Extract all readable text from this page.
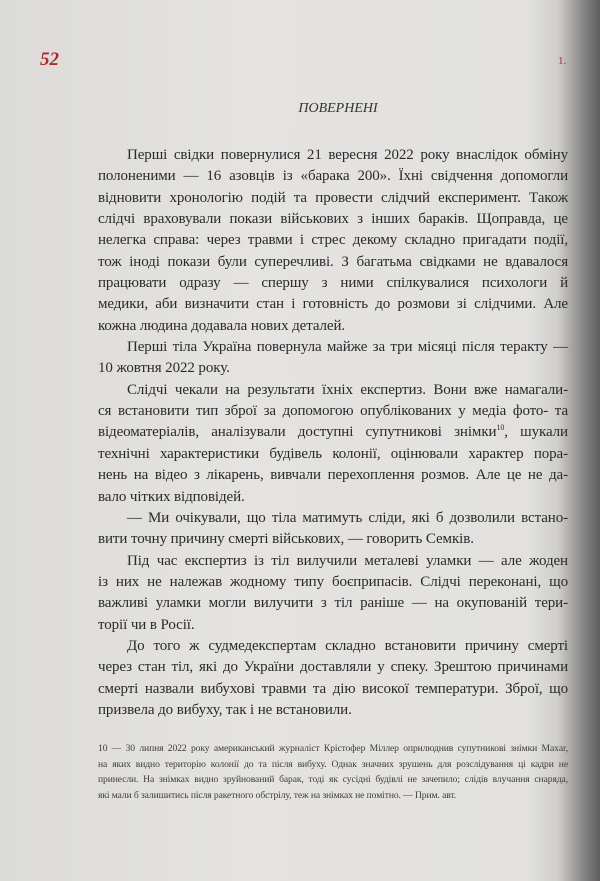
52	1.
ПОВЕРНЕНІ
Перші свідки повернулися 21 вересня 2022 року внаслідок обміну
полоненими — 16 азовців із «барака 200». Їхні свідчення допомогли
відновити хронологію подій та провести слідчий експеримент. Також
слідчі враховували покази військових з інших бараків. Щоправда, це
нелегка справа: через травми і стрес декому складно пригадати події,
тож іноді покази були суперечливі. З багатьма свідками не вдавалося
працювати одразу — спершу з ними спілкувалися психологи й
медики, аби визначити стан і готовність до розмови зі слідчими. Але
кожна людина додавала нових деталей.
Перші тіла Україна повернула майже за три місяці після теракту —
10 жовтня 2022 року.
Слідчі чекали на результати їхніх експертиз. Вони вже намагали-
ся встановити тип зброї за допомогою опублікованих у медіа фото- та
відеоматеріалів, аналізували доступні супутникові знімки$^{10}$, шукали
технічні характеристики будівель колонії, оцінювали характер пора-
нень на відео з лікарень, вивчали перехоплення розмов. Але це не да-
вало чітких відповідей.
— Ми очікували, що тіла матимуть сліди, які б дозволили встано-
вити точну причину смерті військових, — говорить Семків.
Під час експертиз із тіл вилучили металеві уламки — але жоден
із них не належав жодному типу боєприпасів. Слідчі переконані, що
важливі уламки могли вилучити з тіл раніше — на окупованій тери-
торії чи в Росії.
До того ж судмедекспертам складно встановити причину смерті
через стан тіл, які до України доставляли у спеку. Зрештою причинами
смерті назвали вибухові травми та дію високої температури. Зброї, що
призвела до вибуху, так і не встановили.
10 — 30 липня 2022 року американський журналіст Крістофер Міллер оприлюднив супутникові знімки Maxar,
на яких видно територію колонії до та після вибуху. Однак значних зрушень для розслідування ці кадри не
принесли. На знімках видно зруйнований барак, тоді як сусідні будівлі не зачепило; слідів влучання снаряда,
які мали б залишитись після ракетного обстрілу, теж на знімках не помітно. — Прим. авт.
